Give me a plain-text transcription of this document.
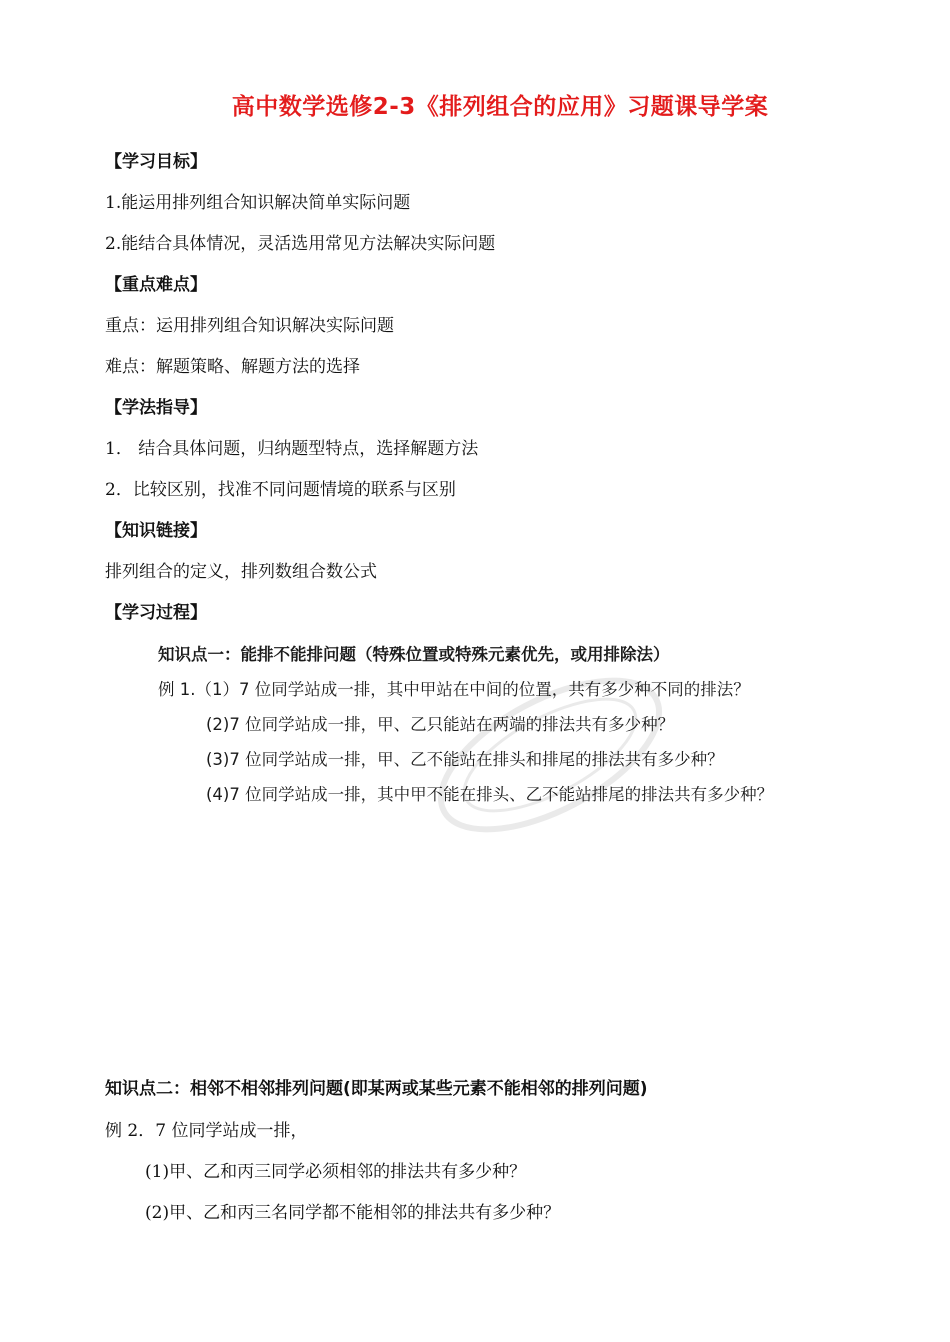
高中数学选修2-3《排列组合的应用》习题课导学案
【学习目标】
1.能运用排列组合知识解决简单实际问题
2.能结合具体情况，灵活选用常见方法解决实际问题
【重点难点】
重点：运用排列组合知识解决实际问题
难点：解题策略、解题方法的选择
【学法指导】
1． 结合具体问题，归纳题型特点，选择解题方法
2．比较区别，找准不同问题情境的联系与区别
【知识链接】
排列组合的定义，排列数组合数公式
【学习过程】
知识点一：能排不能排问题（特殊位置或特殊元素优先，或用排除法）
例 1.（1）7 位同学站成一排，其中甲站在中间的位置，共有多少种不同的排法？
(2)7 位同学站成一排，甲、乙只能站在两端的排法共有多少种？
(3)7 位同学站成一排，甲、乙不能站在排头和排尾的排法共有多少种？
(4)7 位同学站成一排，其中甲不能在排头、乙不能站排尾的排法共有多少种？
知识点二：相邻不相邻排列问题(即某两或某些元素不能相邻的排列问题)
例 2．7 位同学站成一排，
(1)甲、乙和丙三同学必须相邻的排法共有多少种？
(2)甲、乙和丙三名同学都不能相邻的排法共有多少种？
